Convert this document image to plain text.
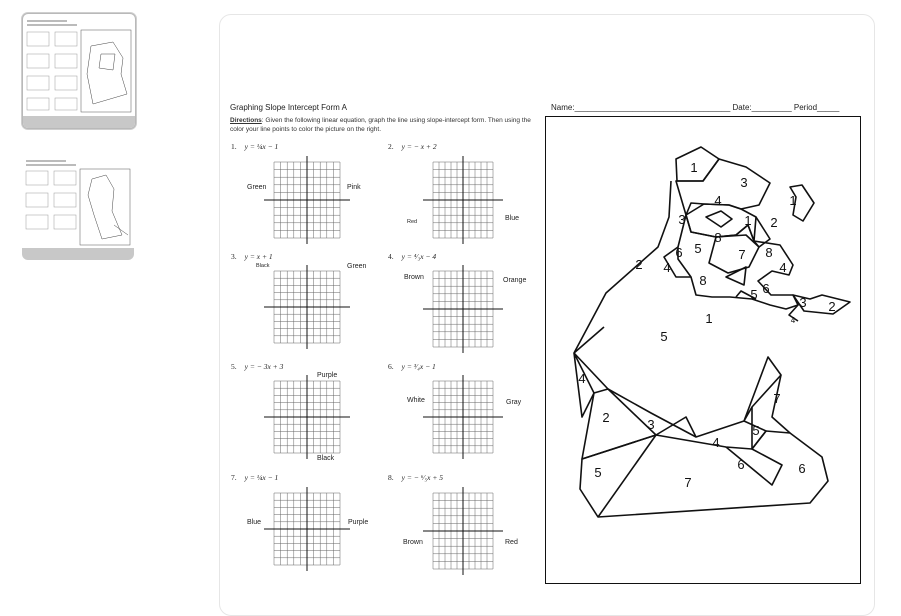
Graphing Slope Intercept Form A	Name:___________________________________ Date:_________ Period_____
Directions: Given the following linear equation, graph the line using slope-intercept form. Then using the color your line points to color the picture on the right.
1. y = ¼x − 1	2. y = − x + 2
3. y = x + 1	4. y = ⁴⁄₃x − 4
5. y = − 3x + 3	6. y = ³⁄₄x − 1
7. y = ¼x − 1	8. y = − ⁶⁄₅x + 5
Green	Pink
Red	Blue
Black	Green
Brown	Orange
Purple
Black
White	Gray
Blue	Purple
Brown	Red
1
3
4	1
1 2
3
6
8
5	7 8
2 4	4
8
5 6
3 2
4
1
5
4
7
2	3
4
5
6	6
5
7
